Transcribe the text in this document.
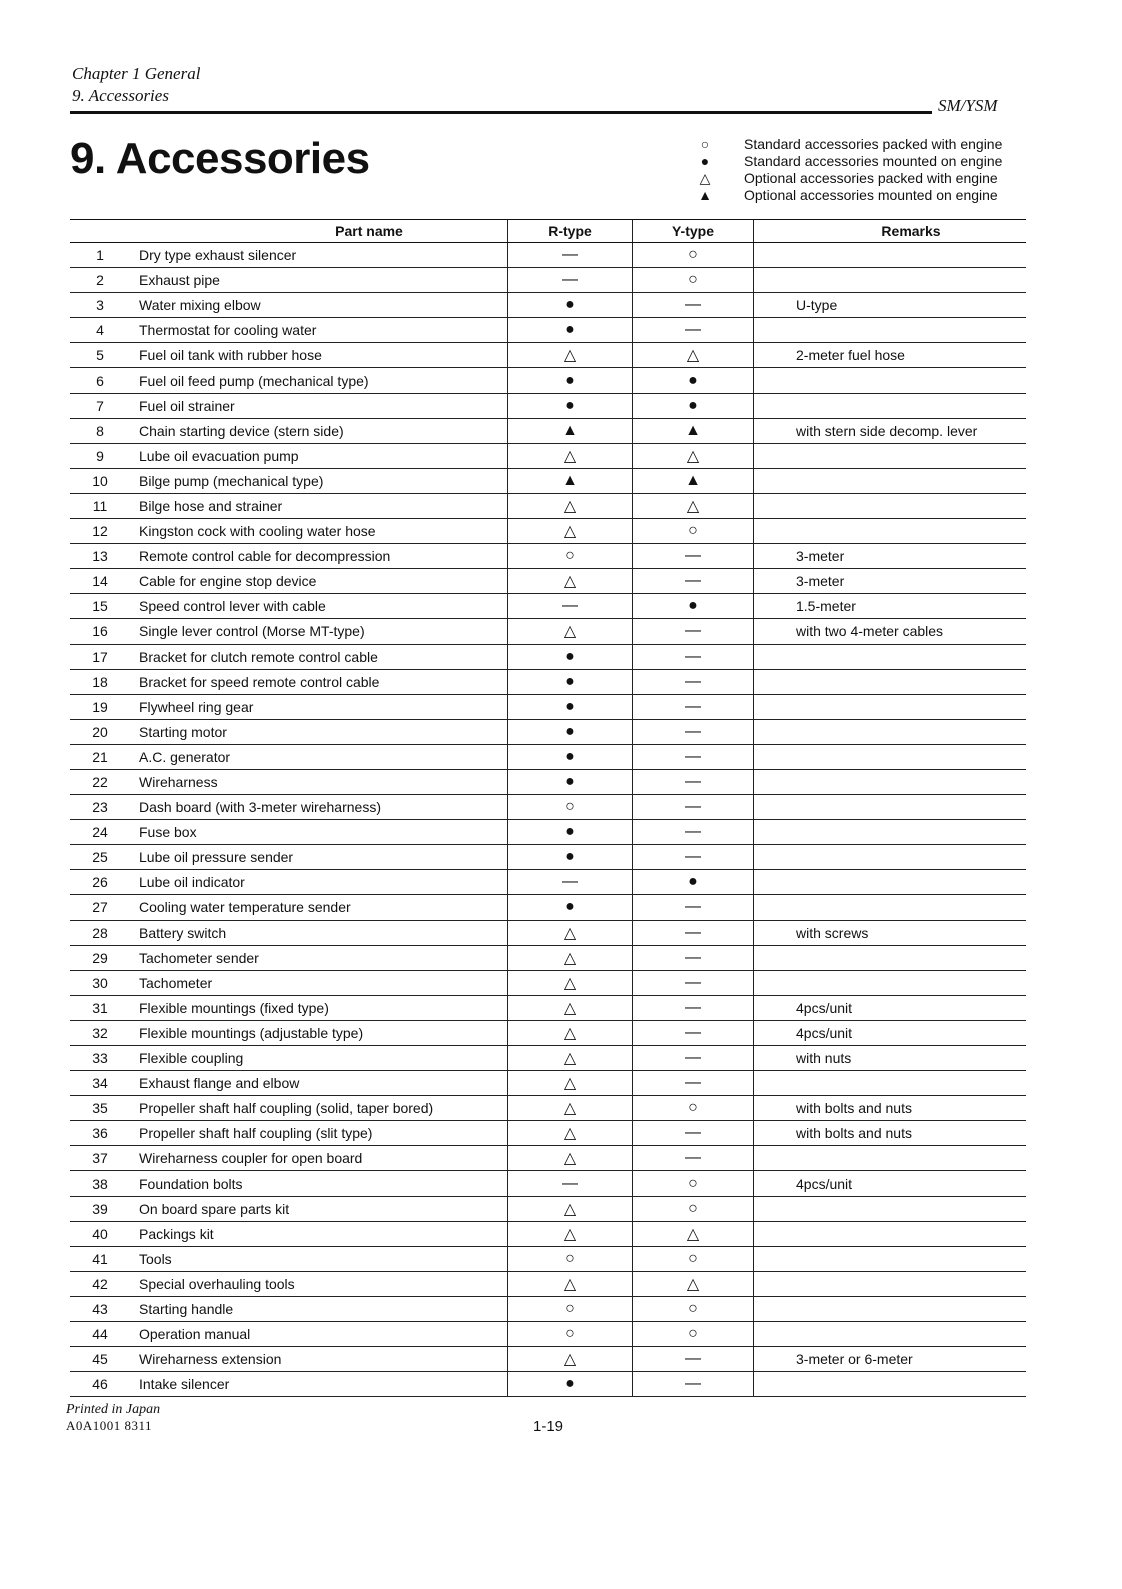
Chapter 1 General
9. Accessories
SM/YSM
9. Accessories	○	Standard accessories packed with engine
●	Standard accessories mounted on engine
△	Optional accessories packed with engine
▲ Optional accessories mounted on engine
	Part name	R-type	Y-type	Remarks
1	Dry type exhaust silencer	—	○	
2	Exhaust pipe	—	○	
3	Water mixing elbow	●	—	U-type
4	Thermostat for cooling water	●	—	
5	Fuel oil tank with rubber hose	△	△	2-meter fuel hose
6	Fuel oil feed pump (mechanical type)	●	●	
7	Fuel oil strainer	●	●	
8	Chain starting device (stern side)	▲	▲	with stern side decomp. lever
9	Lube oil evacuation pump	△	△	
10	Bilge pump (mechanical type)	▲	▲	
11	Bilge hose and strainer	△	△	
12	Kingston cock with cooling water hose	△	○	
13	Remote control cable for decompression	○	—	3-meter
14	Cable for engine stop device	△	—	3-meter
15	Speed control lever with cable	—	●	1.5-meter
16	Single lever control (Morse MT-type)	△	—	with two 4-meter cables
17	Bracket for clutch remote control cable	●	—	
18	Bracket for speed remote control cable	●	—	
19	Flywheel ring gear	●	—	
20	Starting motor	●	—	
21	A.C. generator	●	—	
22	Wireharness	●	—	
23	Dash board (with 3-meter wireharness)	○	—	
24	Fuse box	●	—	
25	Lube oil pressure sender	●	—	
26	Lube oil indicator	—	●	
27	Cooling water temperature sender	●	—	
28	Battery switch	△	—	with screws
29	Tachometer sender	△	—	
30	Tachometer	△	—	
31	Flexible mountings (fixed type)	△	—	4pcs/unit
32	Flexible mountings (adjustable type)	△	—	4pcs/unit
33	Flexible coupling	△	—	with nuts
34	Exhaust flange and elbow	△	—	
35	Propeller shaft half coupling (solid, taper bored)	△	○	with bolts and nuts
36	Propeller shaft half coupling (slit type)	△	—	with bolts and nuts
37	Wireharness coupler for open board	△	—	
38	Foundation bolts	—	○	4pcs/unit
39	On board spare parts kit	△	○	
40	Packings kit	△	△	
41	Tools	○	○	
42	Special overhauling tools	△	△	
43	Starting handle	○	○	
44	Operation manual	○	○	
45	Wireharness extension	△	—	3-meter or 6-meter
46	Intake silencer	●	—	
Printed in Japan
A0A1001 8311	1-19
